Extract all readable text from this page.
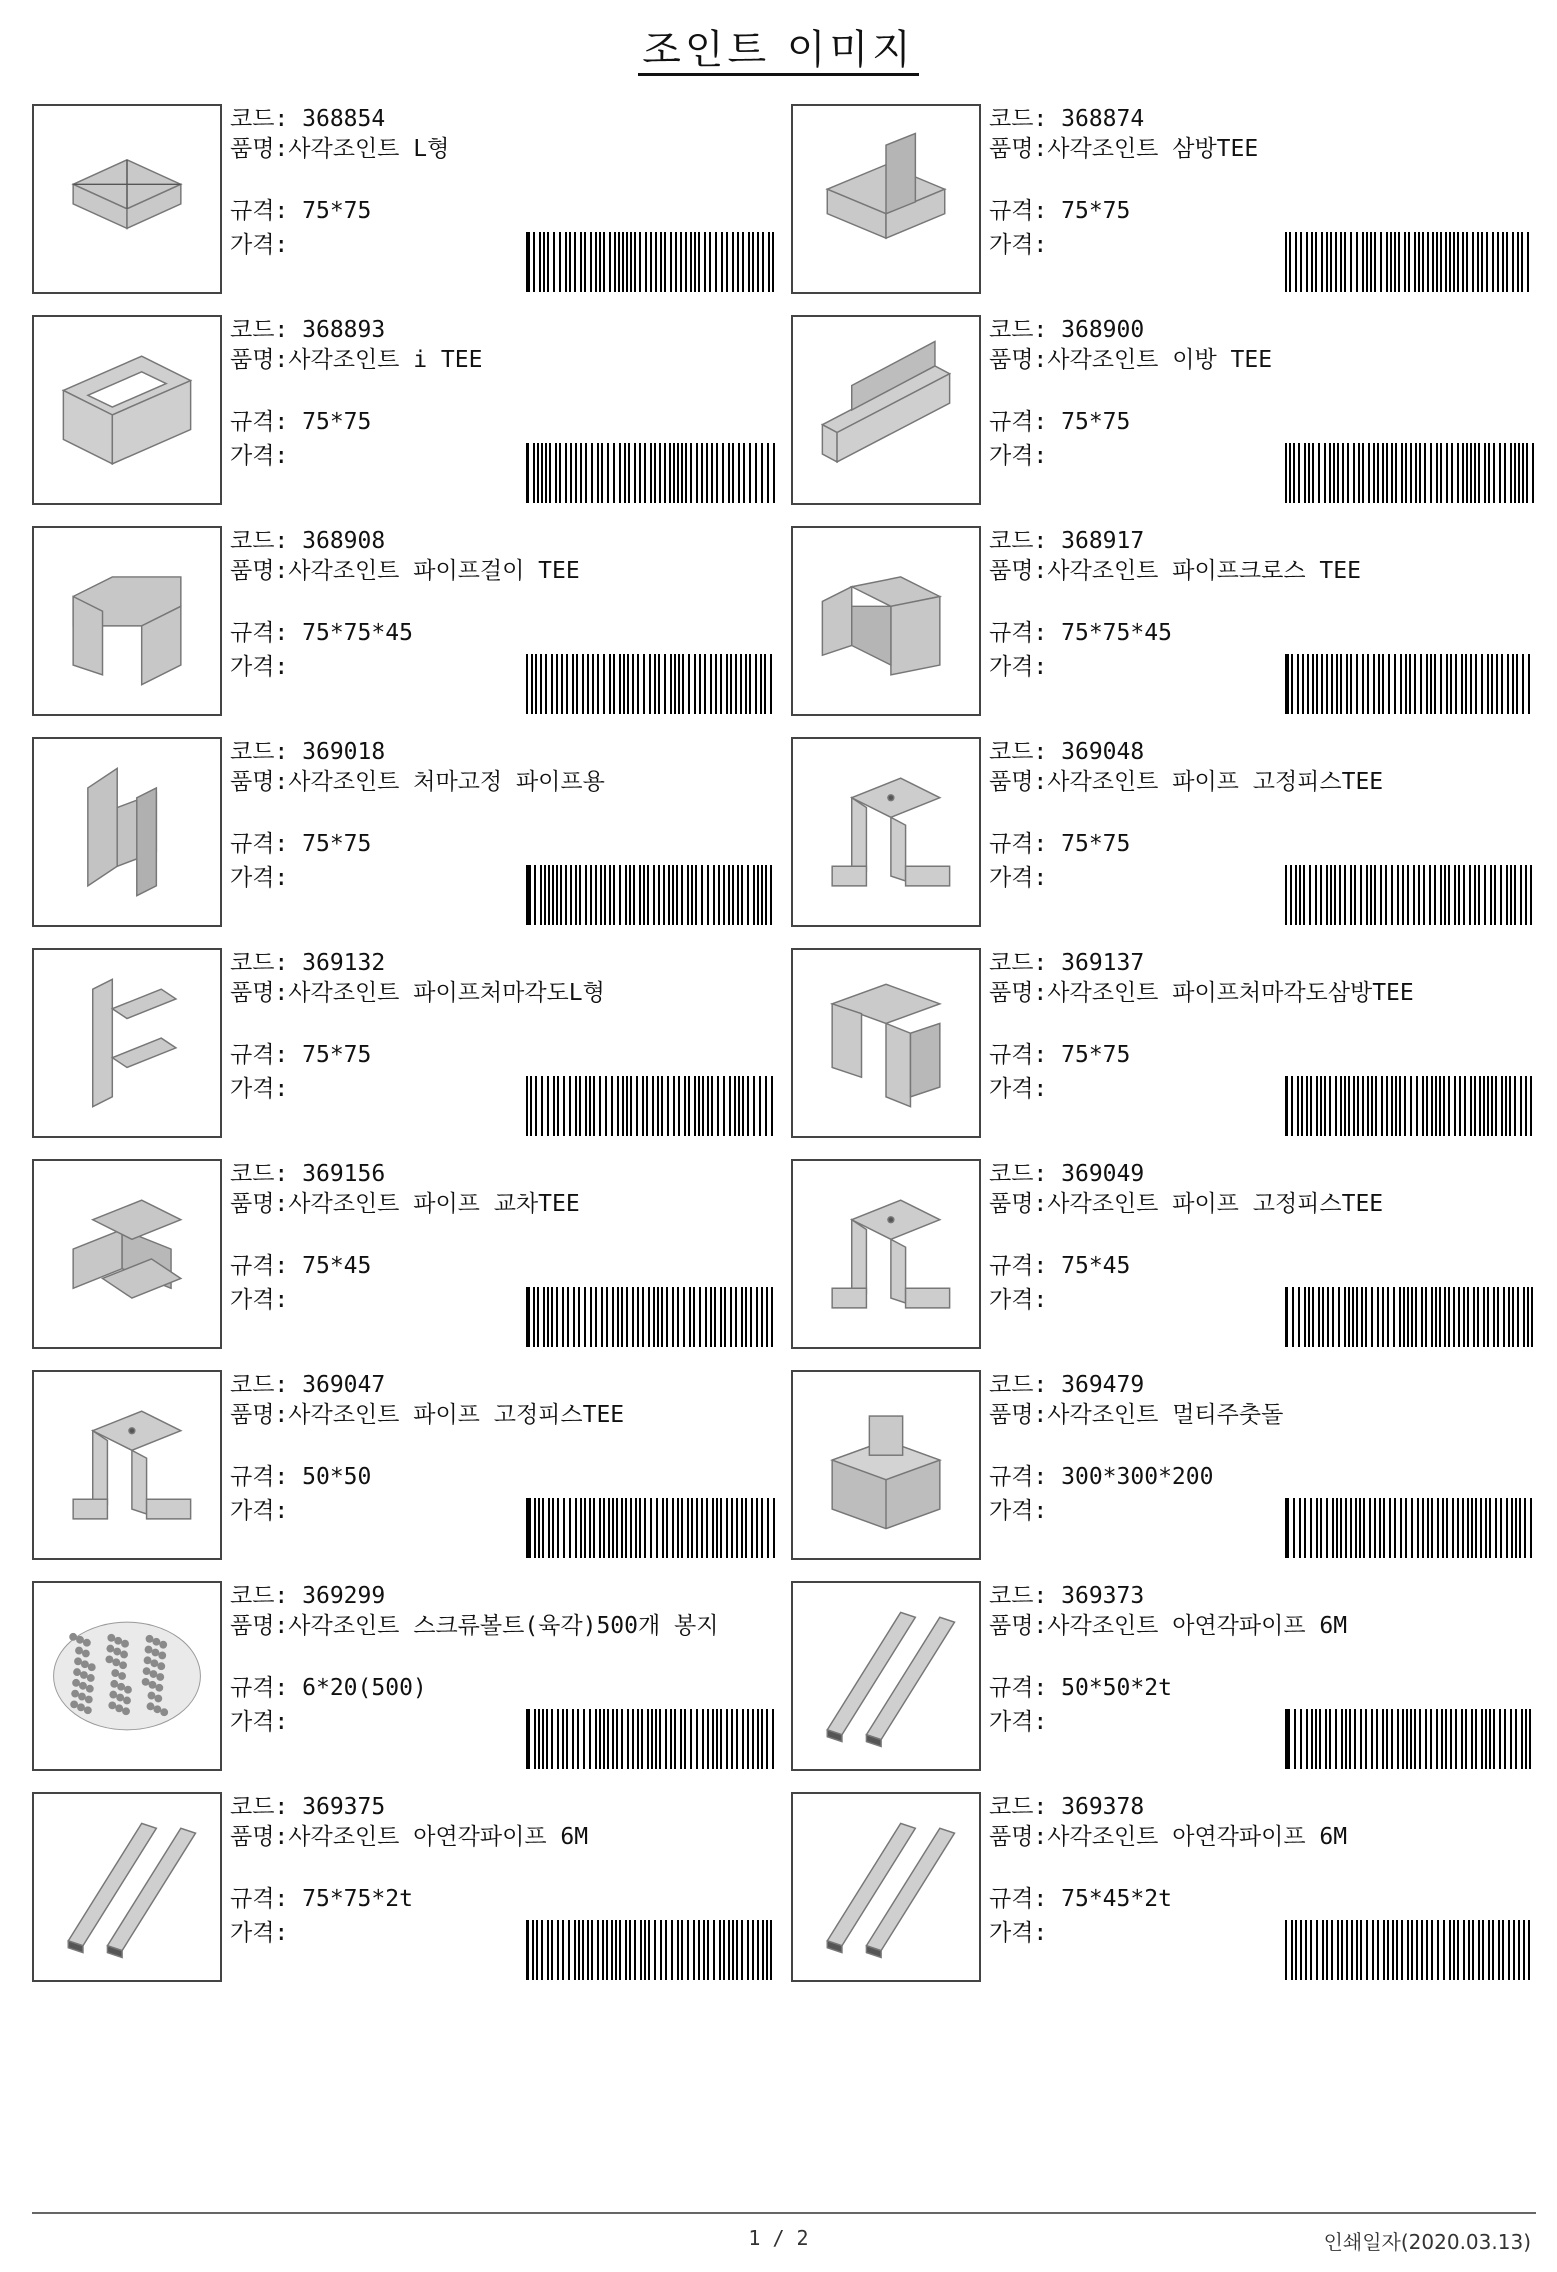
조인트 이미지
코드: 368854
품명: 사각조인트 L형
규격: 75*75
가격:
코드: 368874
품명: 사각조인트 삼방TEE
규격: 75*75
가격:
코드: 368893
품명: 사각조인트 i TEE
규격: 75*75
가격:
코드: 368900
품명: 사각조인트 이방 TEE
규격: 75*75
가격:
코드: 368908
품명: 사각조인트 파이프걸이 TEE
규격: 75*75*45
가격:
코드: 368917
품명: 사각조인트 파이프크로스 TEE
규격: 75*75*45
가격:
코드: 369018
품명: 사각조인트 처마고정 파이프용
규격: 75*75
가격:
코드: 369048
품명: 사각조인트 파이프 고정피스TEE
규격: 75*75
가격:
코드: 369132
품명: 사각조인트 파이프처마각도L형
규격: 75*75
가격:
코드: 369137
품명: 사각조인트 파이프처마각도삼방TEE
규격: 75*75
가격:
코드: 369156
품명: 사각조인트 파이프 교차TEE
규격: 75*45
가격:
코드: 369049
품명: 사각조인트 파이프 고정피스TEE
규격: 75*45
가격:
코드: 369047
품명: 사각조인트 파이프 고정피스TEE
규격: 50*50
가격:
코드: 369479
품명: 사각조인트 멀티주춧돌
규격: 300*300*200
가격:
코드: 369299
품명: 사각조인트 스크류볼트(육각)500개 봉지
규격: 6*20(500)
가격:
코드: 369373
품명: 사각조인트 아연각파이프 6M
규격: 50*50*2t
가격:
코드: 369375
품명: 사각조인트 아연각파이프 6M
규격: 75*75*2t
가격:
코드: 369378
품명: 사각조인트 아연각파이프 6M
규격: 75*45*2t
가격:
1 / 2	인쇄일자(2020.03.13)
